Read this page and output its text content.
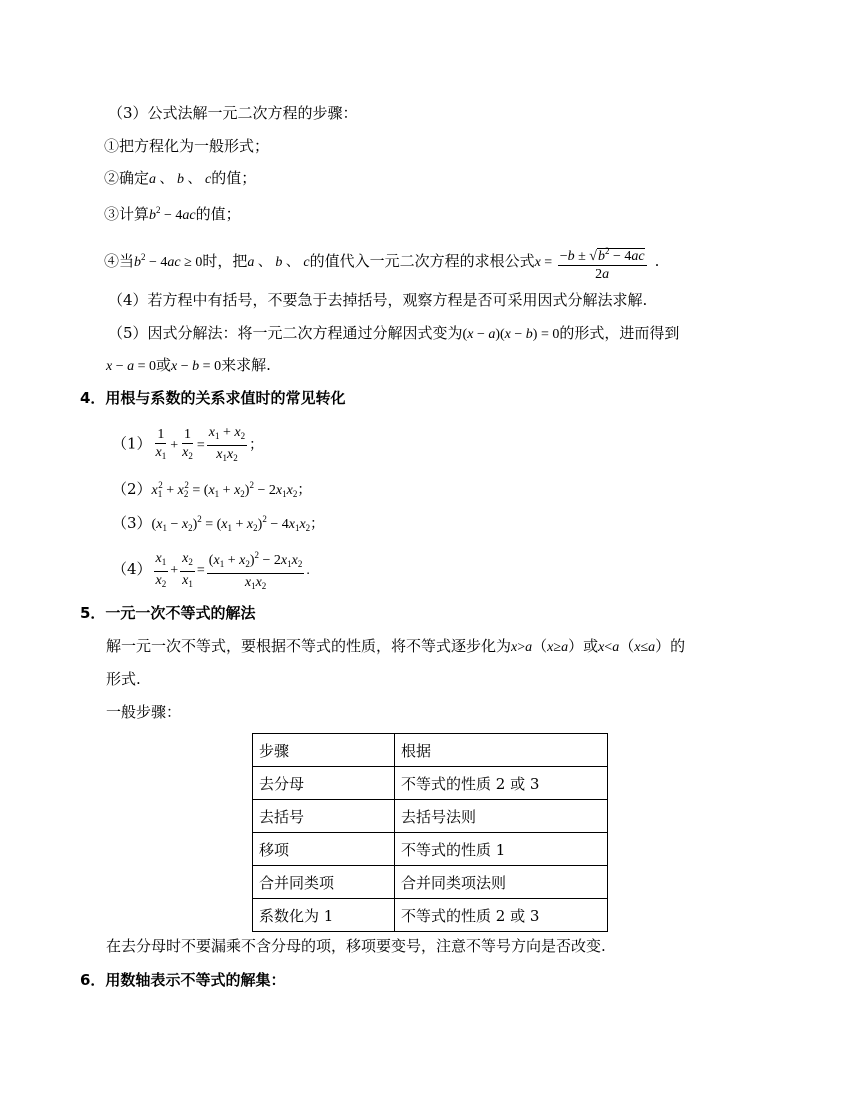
（3）公式法解一元二次方程的步骤：
①把方程化为一般形式；
②确定a 、 b 、 c的值；
③计算$b^2 - 4ac$的值；
④当$b^2 - 4ac \ge 0$时，把a 、 b 、 c的值代入一元二次方程的求根公式$x = \frac{-b \pm √b^2 - 4ac}{2a}$ .
（4）若方程中有括号，不要急于去掉括号，观察方程是否可采用因式分解法求解.
（5）因式分解法：将一元二次方程通过分解因式变为(x − a)(x − b) = 0的形式，进而得到
x − a = 0或x − b = 0来求解.
4．用根与系数的关系求值时的常见转化
$(1) \frac{1}{x_1} + \frac{1}{x_2} = \frac{x_1 + x_2}{x_1x_2}$ ；
$(2)x_1^2 + x_2^2 = (x_1 + x_2)^2 - 2x_1x_2$；
$(3)(x_1 - x_2)^2 = (x_1 + x_2)^2 - 4x_1x_2$；
$(4) \frac{x_1}{x_2} + \frac{x_2}{x_1} = \frac{(x_1 + x_2)^2 - 2x_1x_2}{x_1x_2}$ .
5．一元一次不等式的解法
解一元一次不等式，要根据不等式的性质，将不等式逐步化为x>a（x≥a）或x<a（x≤a）的
形式.
一般步骤：
步骤	根据
去分母	不等式的性质 2 或 3
去括号	去括号法则
移项	不等式的性质 1
合并同类项	合并同类项法则
系数化为 1	不等式的性质 2 或 3
在去分母时不要漏乘不含分母的项，移项要变号，注意不等号方向是否改变.
6．用数轴表示不等式的解集：
